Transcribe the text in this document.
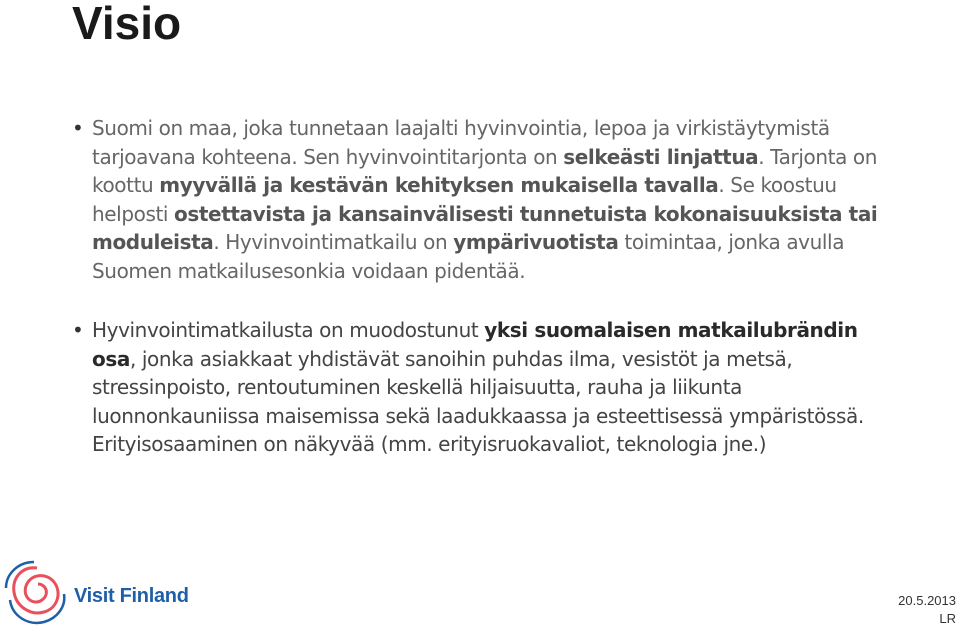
Visio
• Suomi on maa, joka tunnetaan laajalti hyvinvointia, lepoa ja virkistäytymistä tarjoavana kohteena. Sen hyvinvointitarjonta on selkeästi linjattua. Tarjonta on koottu myyvällä ja kestävän kehityksen mukaisella tavalla. Se koostuu helposti ostettavista ja kansainvälisesti tunnetuista kokonaisuuksista tai moduleista. Hyvinvointimatkailu on ympärivuotista toimintaa, jonka avulla Suomen matkailusesonkia voidaan pidentää.
• Hyvinvointimatkailusta on muodostunut yksi suomalaisen matkailubrändin osa, jonka asiakkaat yhdistävät sanoihin puhdas ilma, vesistöt ja metsä, stressinpoisto, rentoutuminen keskellä hiljaisuutta, rauha ja liikunta luonnonkauniissa maisemissa sekä laadukkaassa ja esteettisessä ympäristössä. Erityisosaaminen on näkyvää (mm. erityisruokavaliot, teknologia jne.)
Visit Finland	20.5.2013
LR
